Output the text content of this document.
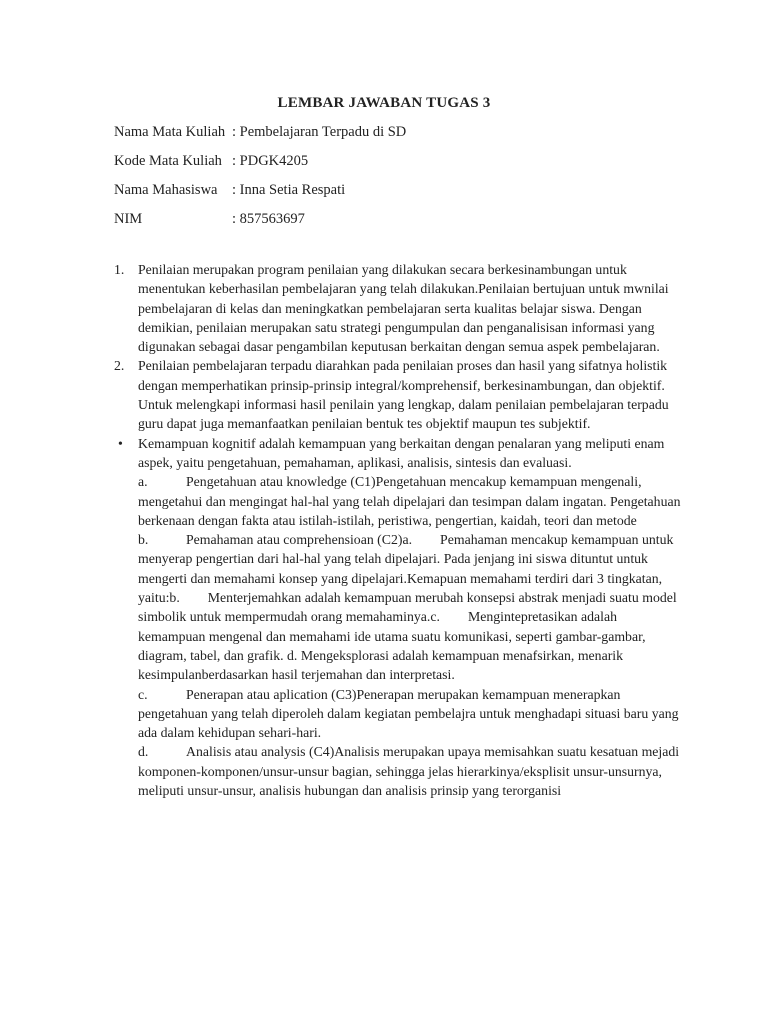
LEMBAR JAWABAN TUGAS 3
Nama Mata Kuliah : Pembelajaran Terpadu di SD
Kode Mata Kuliah : PDGK4205
Nama Mahasiswa : Inna Setia Respati
NIM	: 857563697
1. Penilaian merupakan program penilaian yang dilakukan secara berkesinambungan untuk menentukan keberhasilan pembelajaran yang telah dilakukan.Penilaian bertujuan untuk mwnilai pembelajaran di kelas dan meningkatkan pembelajaran serta kualitas belajar siswa. Dengan demikian, penilaian merupakan satu strategi pengumpulan dan penganalisisan informasi yang digunakan sebagai dasar pengambilan keputusan berkaitan dengan semua aspek pembelajaran.
2. Penilaian pembelajaran terpadu diarahkan pada penilaian proses dan hasil yang sifatnya holistik dengan memperhatikan prinsip-prinsip integral/komprehensif, berkesinambungan, dan objektif. Untuk melengkapi informasi hasil penilain yang lengkap, dalam penilaian pembelajaran terpadu guru dapat juga memanfaatkan penilaian bentuk tes objektif maupun tes subjektif.
• Kemampuan kognitif adalah kemampuan yang berkaitan dengan penalaran yang meliputi enam aspek, yaitu pengetahuan, pemahaman, aplikasi, analisis, sintesis dan evaluasi.
a.	Pengetahuan atau knowledge (C1)Pengetahuan mencakup kemampuan mengenali, mengetahui dan mengingat hal-hal yang telah dipelajari dan tesimpan dalam ingatan. Pengetahuan berkenaan dengan fakta atau istilah-istilah, peristiwa, pengertian, kaidah, teori dan metode
b.	Pemahaman atau comprehensioan (C2)a. Pemahaman mencakup kemampuan untuk menyerap pengertian dari hal-hal yang telah dipelajari. Pada jenjang ini siswa dituntut untuk mengerti dan memahami konsep yang dipelajari.Kemapuan memahami terdiri dari 3 tingkatan, yaitu:b. Menterjemahkan adalah kemampuan merubah konsepsi abstrak menjadi suatu model simbolik untuk mempermudah orang memahaminya.c. Mengintepretasikan adalah kemampuan mengenal dan memahami ide utama suatu komunikasi, seperti gambar-gambar, diagram, tabel, dan grafik. d. Mengeksplorasi adalah kemampuan menafsirkan, menarik kesimpulanberdasarkan hasil terjemahan dan interpretasi.
c.	Penerapan atau aplication (C3)Penerapan merupakan kemampuan menerapkan pengetahuan yang telah diperoleh dalam kegiatan pembelajra untuk menghadapi situasi baru yang ada dalam kehidupan sehari-hari.
d.	Analisis atau analysis (C4)Analisis merupakan upaya memisahkan suatu kesatuan mejadi komponen-komponen/unsur-unsur bagian, sehingga jelas hierarkinya/eksplisit unsur-unsurnya, meliputi unsur-unsur, analisis hubungan dan analisis prinsip yang terorganisi
